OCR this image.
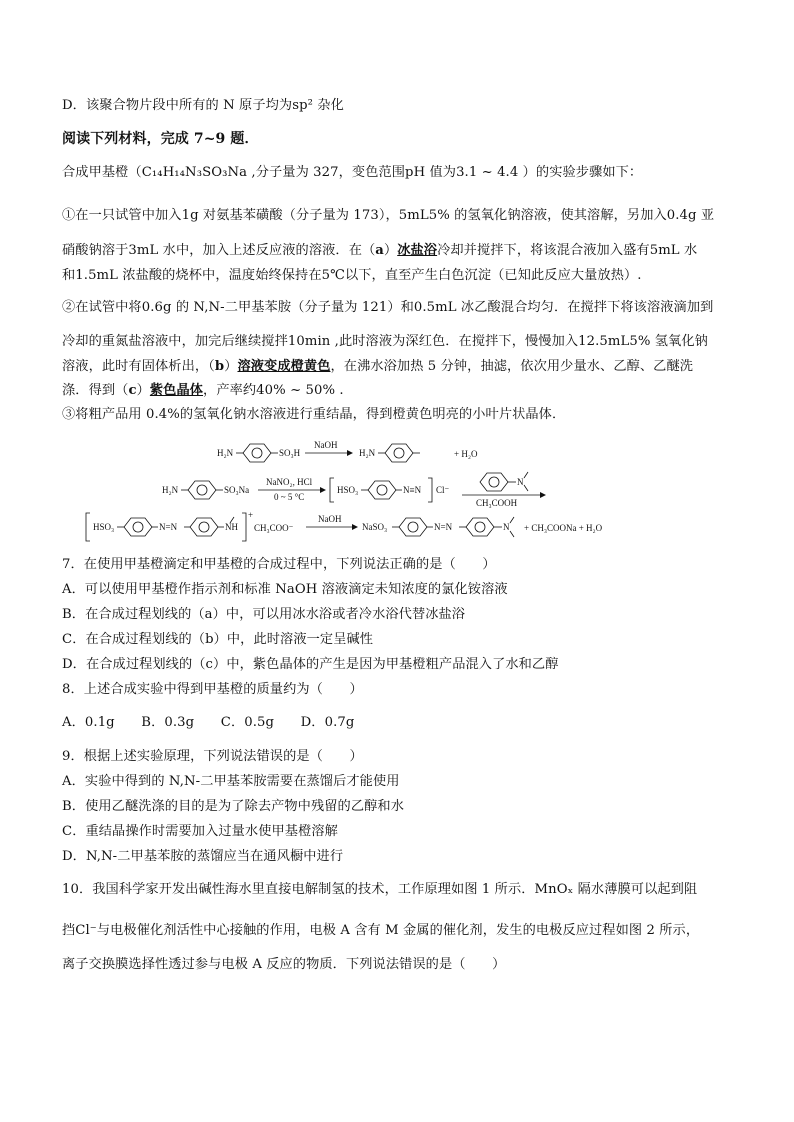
D．该聚合物片段中所有的 N 原子均为sp² 杂化
阅读下列材料，完成 7~9 题．
合成甲基橙（C₁₄H₁₄N₃SO₃Na ,分子量为 327，变色范围pH 值为3.1 ~ 4.4 ）的实验步骤如下：
①在一只试管中加入1g 对氨基苯磺酸（分子量为 173），5mL5% 的氢氧化钠溶液，使其溶解，另加入0.4g 亚
硝酸钠溶于3mL 水中，加入上述反应液的溶液．在（a）冰盐浴冷却并搅拌下，将该混合液加入盛有5mL 水
和1.5mL 浓盐酸的烧杯中，温度始终保持在5℃以下，直至产生白色沉淀（已知此反应大量放热）.
②在试管中将0.6g 的 N,N-二甲基苯胺（分子量为 121）和0.5mL 冰乙酸混合均匀．在搅拌下将该溶液滴加到
冷却的重氮盐溶液中，加完后继续搅拌10min ,此时溶液为深红色．在搅拌下，慢慢加入12.5mL5% 氢氧化钠
溶液，此时有固体析出，（b）溶液变成橙黄色，在沸水浴加热 5 分钟，抽滤，依次用少量水、乙醇、乙醚洗
涤．得到（c）紫色晶体，产率约40% ~ 50% .
③将粗产品用 0.4%的氢氧化钠水溶液进行重结晶，得到橙黄色明亮的小叶片状晶体．
H₂N	SO₃H
NaOH
H₂N	+ H₂O
H₂N	SO₃Na
NaNO₂, HCl
0 ~ 5 °C
HSO₃	N≡N Cl⁻
N
CH₃COOH
HSO₃	N=N	NH
+
CH₃COO⁻
NaOH
NaSO₃	N=N	N + CH₃COONa + H₂O
7．在使用甲基橙滴定和甲基橙的合成过程中，下列说法正确的是（　　）
A．可以使用甲基橙作指示剂和标准 NaOH 溶液滴定未知浓度的氯化铵溶液
B．在合成过程划线的（a）中，可以用冰水浴或者冷水浴代替冰盐浴
C．在合成过程划线的（b）中，此时溶液一定呈碱性
D．在合成过程划线的（c）中，紫色晶体的产生是因为甲基橙粗产品混入了水和乙醇
8．上述合成实验中得到甲基橙的质量约为（　　）
A．0.1g　　B．0.3g　　C．0.5g　　D．0.7g
9．根据上述实验原理，下列说法错误的是（　　）
A．实验中得到的 N,N-二甲基苯胺需要在蒸馏后才能使用
B．使用乙醚洗涤的目的是为了除去产物中残留的乙醇和水
C．重结晶操作时需要加入过量水使甲基橙溶解
D．N,N-二甲基苯胺的蒸馏应当在通风橱中进行
10．我国科学家开发出碱性海水里直接电解制氢的技术，工作原理如图 1 所示．MnOₓ 隔水薄膜可以起到阻
挡Cl⁻与电极催化剂活性中心接触的作用，电极 A 含有 M 金属的催化剂，发生的电极反应过程如图 2 所示，
离子交换膜选择性透过参与电极 A 反应的物质．下列说法错误的是（　　）
